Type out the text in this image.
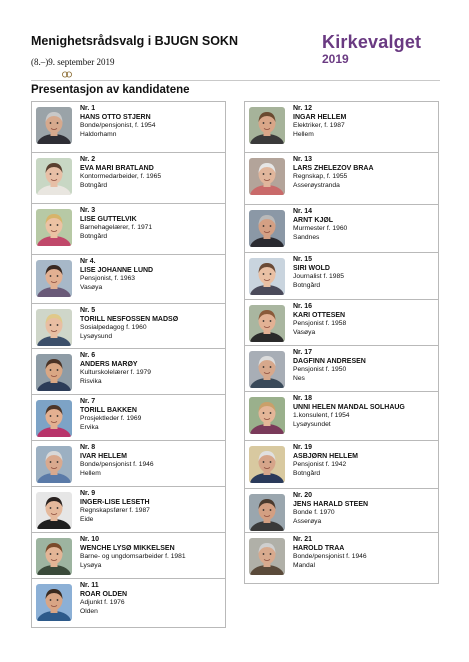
Menighetsrådsvalg i BJUGN SOKN
(8.–)9. september 2019
Kirkevalget
2019
Presentasjon av kandidatene
Nr. 1
HANS OTTO STJERN
Bonde/pensjonist, f. 1954
Haldorhamn
Nr. 2
EVA MARI BRATLAND
Kontormedarbeider, f. 1965
Botngård
Nr. 3
LISE GUTTELVIK
Barnehagelærer, f. 1971
Botngård
Nr 4.
LISE JOHANNE LUND
Pensjonist, f. 1963
Vasøya
Nr. 5
TORILL NESFOSSEN MADSØ
Sosialpedagog f. 1960
Lysøysund
Nr. 6
ANDERS MARØY
Kulturskolelærer f. 1979
Risvika
Nr. 7
TORILL BAKKEN
Prosjektleder f. 1969
Ervika
Nr. 8
IVAR HELLEM
Bonde/pensjonist f. 1946
Hellem
Nr. 9
INGER-LISE LESETH
Regnskapsfører f. 1987
Eide
Nr. 10
WENCHE LYSØ MIKKELSEN
Barne- og ungdomsarbeider f. 1981
Lysøya
Nr. 11
ROAR OLDEN
Adjunkt f. 1976
Olden
Nr. 12
INGAR HELLEM
Elektriker, f. 1987
Hellem
Nr. 13
LARS ZHELEZOV BRAA
Regnskap, f. 1955
Asserøystranda
Nr. 14
ARNT KJØL
Murmester f. 1960
Sandnes
Nr. 15
SIRI WOLD
Journalist f. 1985
Botngård
Nr. 16
KARI OTTESEN
Pensjonist f. 1958
Vasøya
Nr. 17
DAGFINN ANDRESEN
Pensjonist f. 1950
Nes
Nr. 18
UNNI HELEN MANDAL SOLHAUG
1.konsulent, f 1954
Lysøysundet
Nr. 19
ASBJØRN HELLEM
Pensjonist f. 1942
Botngård
Nr. 20
JENS HARALD STEEN
Bonde f. 1970
Asserøya
Nr. 21
HAROLD TRAA
Bonde/pensjonist f. 1946
Mandal
